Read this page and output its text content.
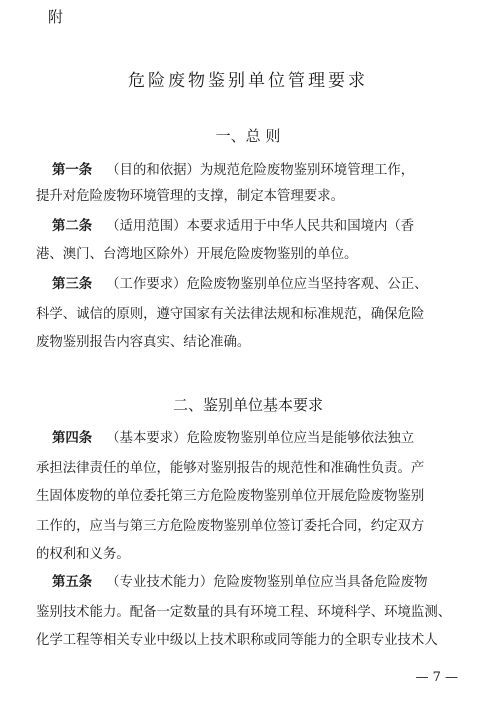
附
危险废物鉴别单位管理要求
一、总 则
第一条 （目的和依据）为规范危险废物鉴别环境管理工作，
提升对危险废物环境管理的支撑，制定本管理要求。
第二条 （适用范围）本要求适用于中华人民共和国境内（香
港、澳门、台湾地区除外）开展危险废物鉴别的单位。
第三条 （工作要求）危险废物鉴别单位应当坚持客观、公正、
科学、诚信的原则，遵守国家有关法律法规和标准规范，确保危险
废物鉴别报告内容真实、结论准确。
二、鉴别单位基本要求
第四条 （基本要求）危险废物鉴别单位应当是能够依法独立
承担法律责任的单位，能够对鉴别报告的规范性和准确性负责。产
生固体废物的单位委托第三方危险废物鉴别单位开展危险废物鉴别
工作的，应当与第三方危险废物鉴别单位签订委托合同，约定双方
的权利和义务。
第五条 （专业技术能力）危险废物鉴别单位应当具备危险废物
鉴别技术能力。配备一定数量的具有环境工程、环境科学、环境监测、
化学工程等相关专业中级以上技术职称或同等能力的全职专业技术人
— 7 —
